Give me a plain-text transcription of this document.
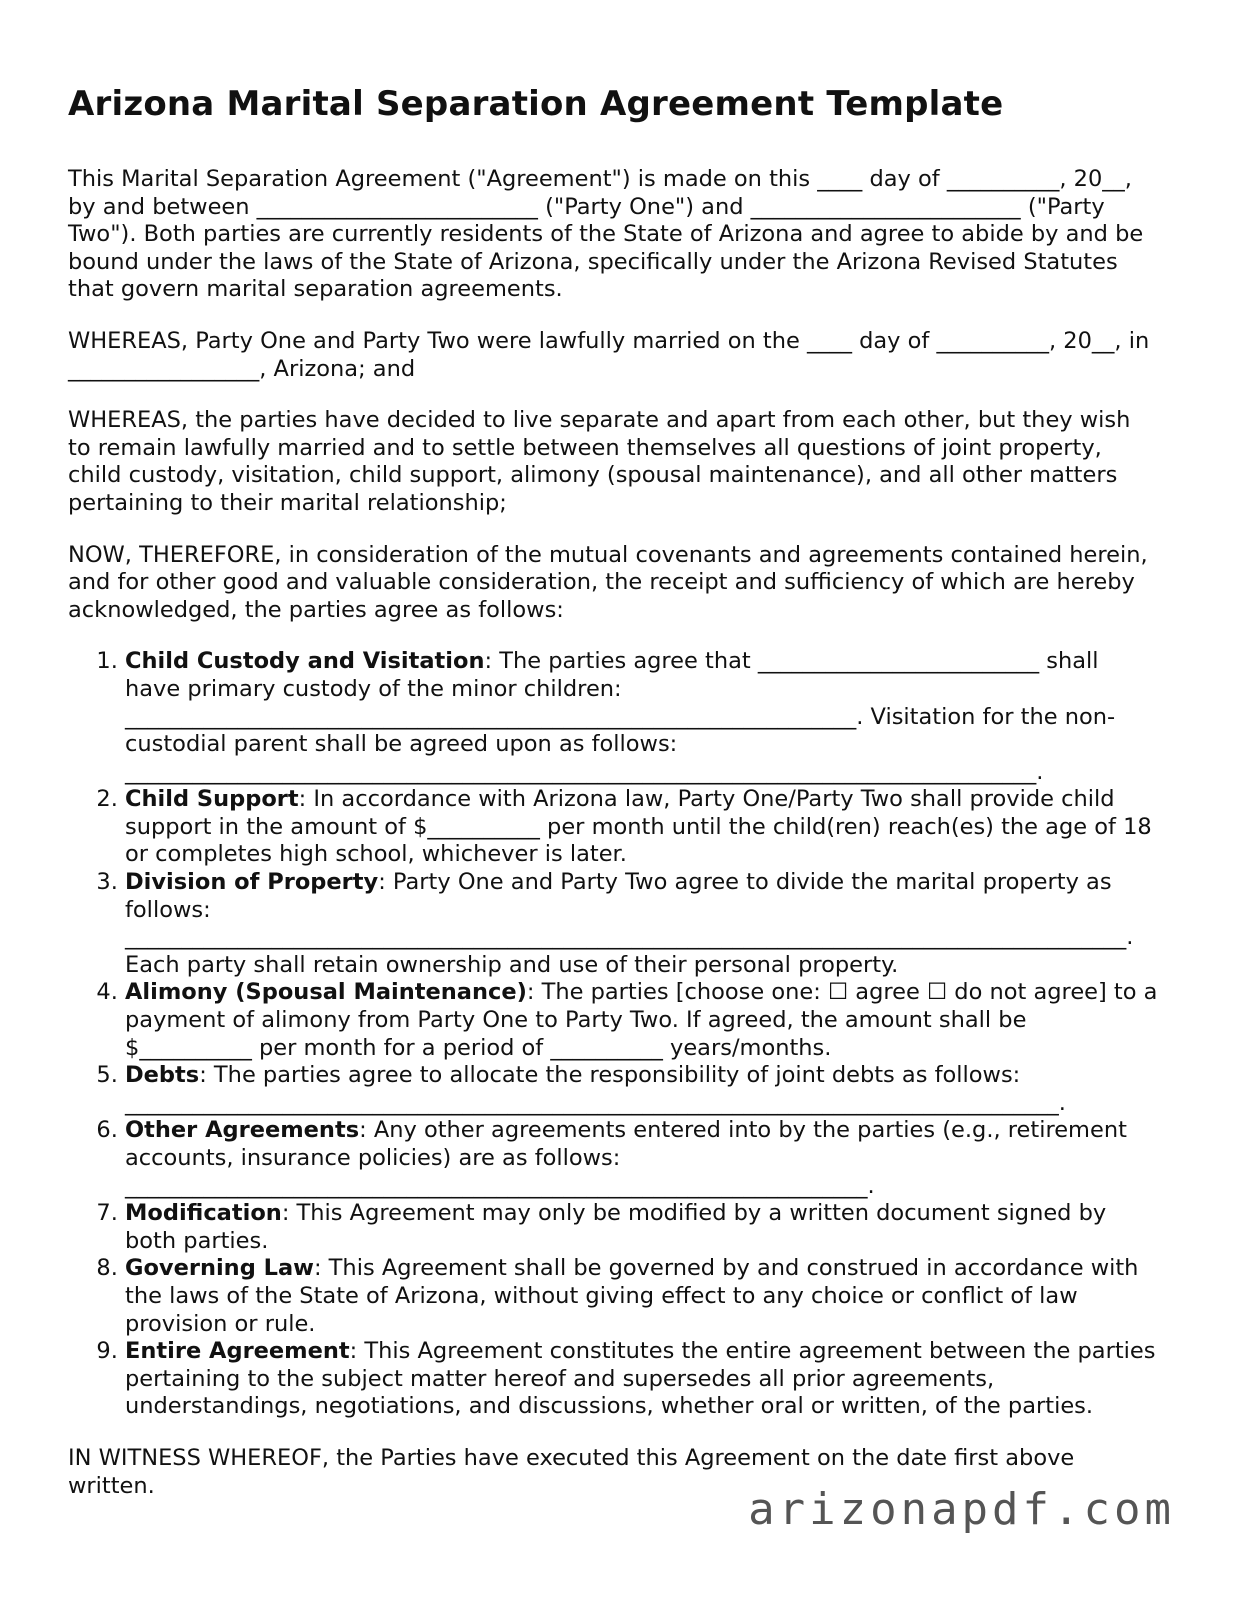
Arizona Marital Separation Agreement Template

This Marital Separation Agreement ("Agreement") is made on this ____ day of __________, 20__, by and between _________________________ ("Party One") and ________________________ ("Party Two"). Both parties are currently residents of the State of Arizona and agree to abide by and be bound under the laws of the State of Arizona, specifically under the Arizona Revised Statutes that govern marital separation agreements.

WHEREAS, Party One and Party Two were lawfully married on the ____ day of __________, 20__, in _________________, Arizona; and

WHEREAS, the parties have decided to live separate and apart from each other, but they wish to remain lawfully married and to settle between themselves all questions of joint property, child custody, visitation, child support, alimony (spousal maintenance), and all other matters pertaining to their marital relationship;

NOW, THEREFORE, in consideration of the mutual covenants and agreements contained herein, and for other good and valuable consideration, the receipt and sufficiency of which are hereby acknowledged, the parties agree as follows:

1. Child Custody and Visitation: The parties agree that _________________________ shall have primary custody of the minor children: _________________________________________________________________. Visitation for the non-custodial parent shall be agreed upon as follows: _________________________________________________________________________________.
2. Child Support: In accordance with Arizona law, Party One/Party Two shall provide child support in the amount of $__________ per month until the child(ren) reach(es) the age of 18 or completes high school, whichever is later.
3. Division of Property: Party One and Party Two agree to divide the marital property as follows: _________________________________________________________________________________________. Each party shall retain ownership and use of their personal property.
4. Alimony (Spousal Maintenance): The parties [choose one: ☐ agree ☐ do not agree] to a payment of alimony from Party One to Party Two. If agreed, the amount shall be $__________ per month for a period of __________ years/months.
5. Debts: The parties agree to allocate the responsibility of joint debts as follows: ___________________________________________________________________________________.
6. Other Agreements: Any other agreements entered into by the parties (e.g., retirement accounts, insurance policies) are as follows: __________________________________________________________________.
7. Modification: This Agreement may only be modified by a written document signed by both parties.
8. Governing Law: This Agreement shall be governed by and construed in accordance with the laws of the State of Arizona, without giving effect to any choice or conflict of law provision or rule.
9. Entire Agreement: This Agreement constitutes the entire agreement between the parties pertaining to the subject matter hereof and supersedes all prior agreements, understandings, negotiations, and discussions, whether oral or written, of the parties.

IN WITNESS WHEREOF, the Parties have executed this Agreement on the date first above written.	arizonapdf.com
